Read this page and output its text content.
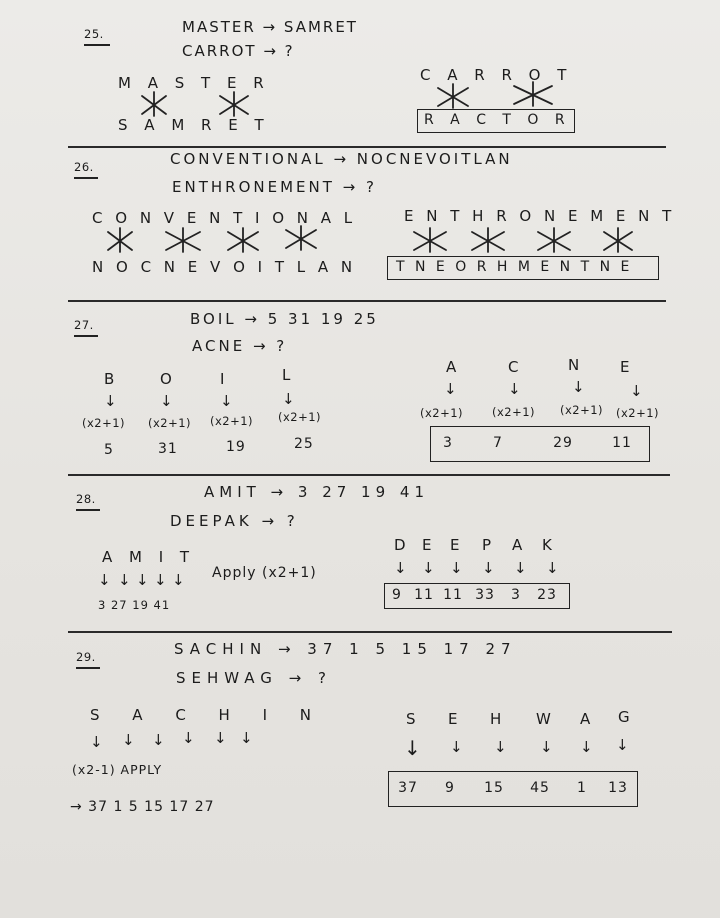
25.	MASTER → SAMRET
CARROT → ?
M A S T E R
S A M R E T
C A R R O T
R A C T O R
26.	CONVENTIONAL → NOCNEVOITLAN
ENTHRONEMENT → ?
C O N V E N T I O N A L
N O C N E V O I T L A N
E N T H R O N E M E N T
T N E O R H M E N T N E
27.	BOIL → 5 31 19 25
ACNE → ?
B	O	I	L
↓	↓	↓	↓
(x2+1) (x2+1) (x2+1) (x2+1)
5	31	19	25
A	C	N	E
↓	↓	↓	↓
(x2+1)	(x2+1) (x2+1) (x2+1)
3	7	29	11
28.	AMIT → 3 27 19 41
DEEPAK → ?
A M I T
↓ ↓ ↓ ↓ ↓
3 27 19 41
Apply (x2+1)
D E E P A K
↓ ↓ ↓ ↓ ↓ ↓
9 11 11 33	3	23
29.	SACHIN → 37 1 5 15 17 27
SEHWAG → ?
S A C H I N
↓ ↓ ↓ ↓ ↓ ↓
(x2-1) APPLY
→ 37 1 5 15 17 27
S E H W A G
↓ ↓ ↓ ↓ ↓ ↓
37	9	15	45	1	13
